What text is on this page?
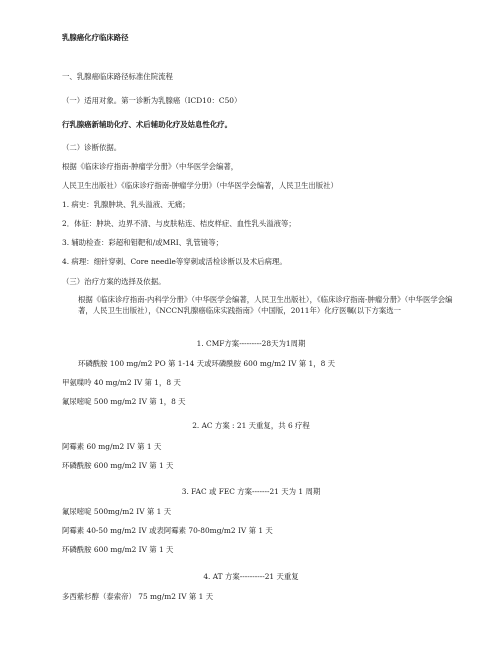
乳腺癌化疗临床路径
一、乳腺癌临床路径标准住院流程
（一）适用对象。第一诊断为乳腺癌（ICD10：C50）
行乳腺癌新辅助化疗、术后辅助化疗及姑息性化疗。
（二）诊断依据。
根据《临床诊疗指南-肿瘤学分册》（中华医学会编著，
人民卫生出版社）《临床诊疗指南-肿瘤学分册》（中华医学会编著，人民卫生出版社）
1. 病史：乳腺肿块、乳头溢液、无痛；
2．体征：肿块、边界不清、与皮肤粘连、桔皮样症、血性乳头溢液等；
3. 辅助检查：彩超和钼靶和/或MRI、乳管镜等；
4. 病理：细针穿刺、Core needle等穿刺或活检诊断以及术后病理。
（三）治疗方案的选择及依据。
根据《临床诊疗指南-内科学分册》（中华医学会编著，人民卫生出版社），《临床诊疗指南-肿瘤分册》（中华医学会编著，人民卫生出版社），《NCCN乳腺癌临床实践指南》（中国版，2011年）化疗医嘱(以下方案选一
1. CMF方案---------28天为1周期
环磷酰胺 100 mg/m2 PO 第 1-14 天或环磷酰胺 600 mg/m2 IV 第 1，8 天
甲氨喋呤 40 mg/m2 IV 第 1，8 天
氟尿嘧啶 500 mg/m2 IV 第 1，8 天
2. AC 方案 : 21 天重复，共 6 疗程
阿霉素 60 mg/m2 IV 第 1 天
环磷酰胺 600 mg/m2 IV 第 1 天
3. FAC 或 FEC 方案-------21 天为 1 周期
氟尿嘧啶 500mg/m2 IV 第 1 天
阿霉素 40-50 mg/m2 IV 或表阿霉素 70-80mg/m2 IV 第 1 天
环磷酰胺 600 mg/m2 IV 第 1 天
4. AT 方案----------21 天重复
多西紫杉醇（泰索帝） 75 mg/m2 IV 第 1 天
